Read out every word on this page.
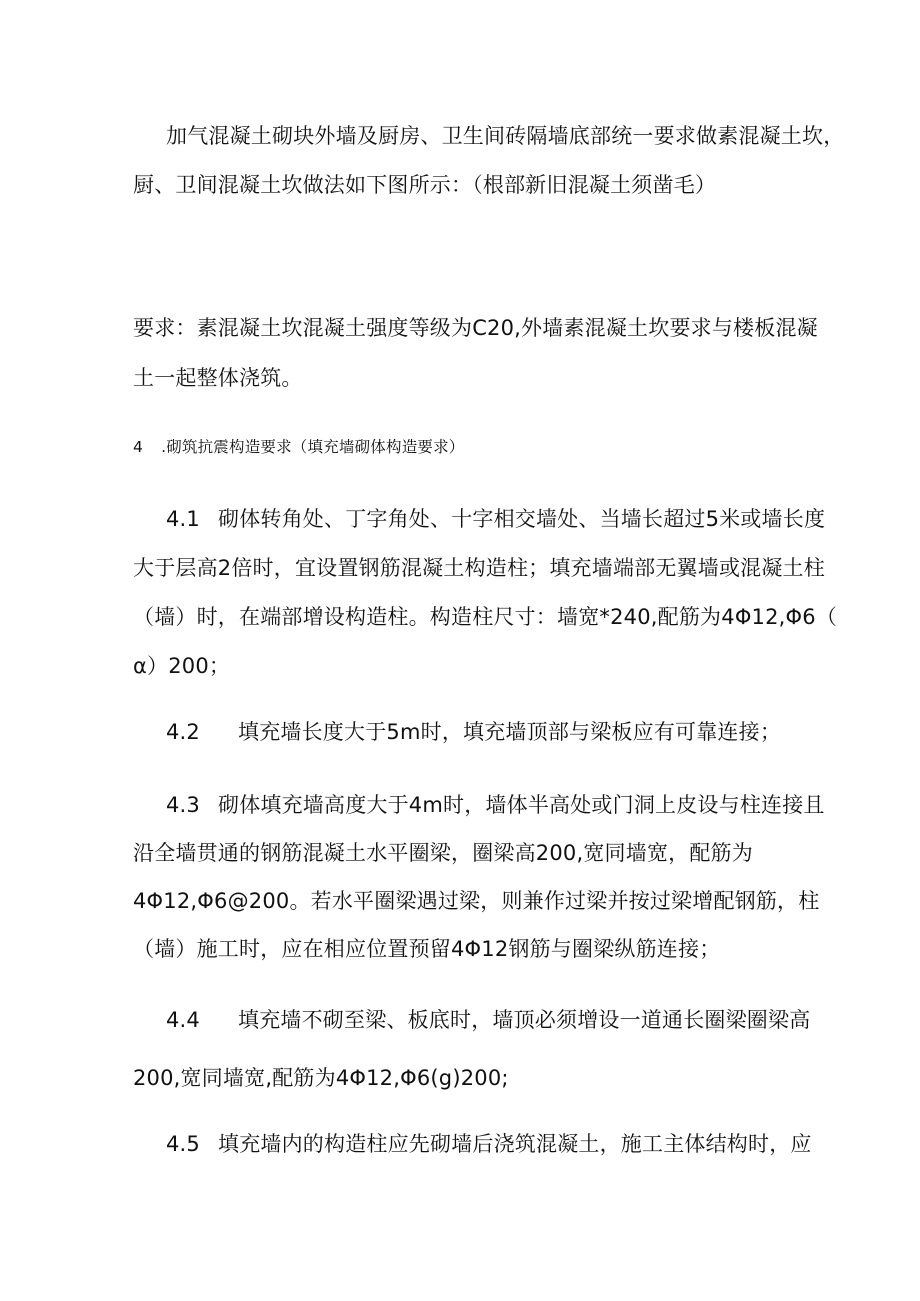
加气混凝土砌块外墙及厨房、卫生间砖隔墙底部统一要求做素混凝土坎，
厨、卫间混凝土坎做法如下图所示：（根部新旧混凝土须凿毛）
要求：素混凝土坎混凝土强度等级为C20,外墙素混凝土坎要求与楼板混凝
土一起整体浇筑。
4 .砌筑抗震构造要求（填充墙砌体构造要求）
4.1 砌体转角处、丁字角处、十字相交墙处、当墙长超过5米或墙长度
大于层高2倍时，宜设置钢筋混凝土构造柱；填充墙端部无翼墙或混凝土柱
（墙）时，在端部增设构造柱。构造柱尺寸：墙宽*240,配筋为4Φ12,Φ6（
α）200；
4.2 填充墙长度大于5m时，填充墙顶部与梁板应有可靠连接；
4.3 砌体填充墙高度大于4m时，墙体半高处或门洞上皮设与柱连接且
沿全墙贯通的钢筋混凝土水平圈梁，圈梁高200,宽同墙宽，配筋为
4Φ12,Φ6@200。若水平圈梁遇过梁，则兼作过梁并按过梁增配钢筋，柱
（墙）施工时，应在相应位置预留4Φ12钢筋与圈梁纵筋连接；
4.4 填充墙不砌至梁、板底时，墙顶必须增设一道通长圈梁圈梁高
200,宽同墙宽,配筋为4Φ12,Φ6(g)200;
4.5 填充墙内的构造柱应先砌墙后浇筑混凝土，施工主体结构时，应
